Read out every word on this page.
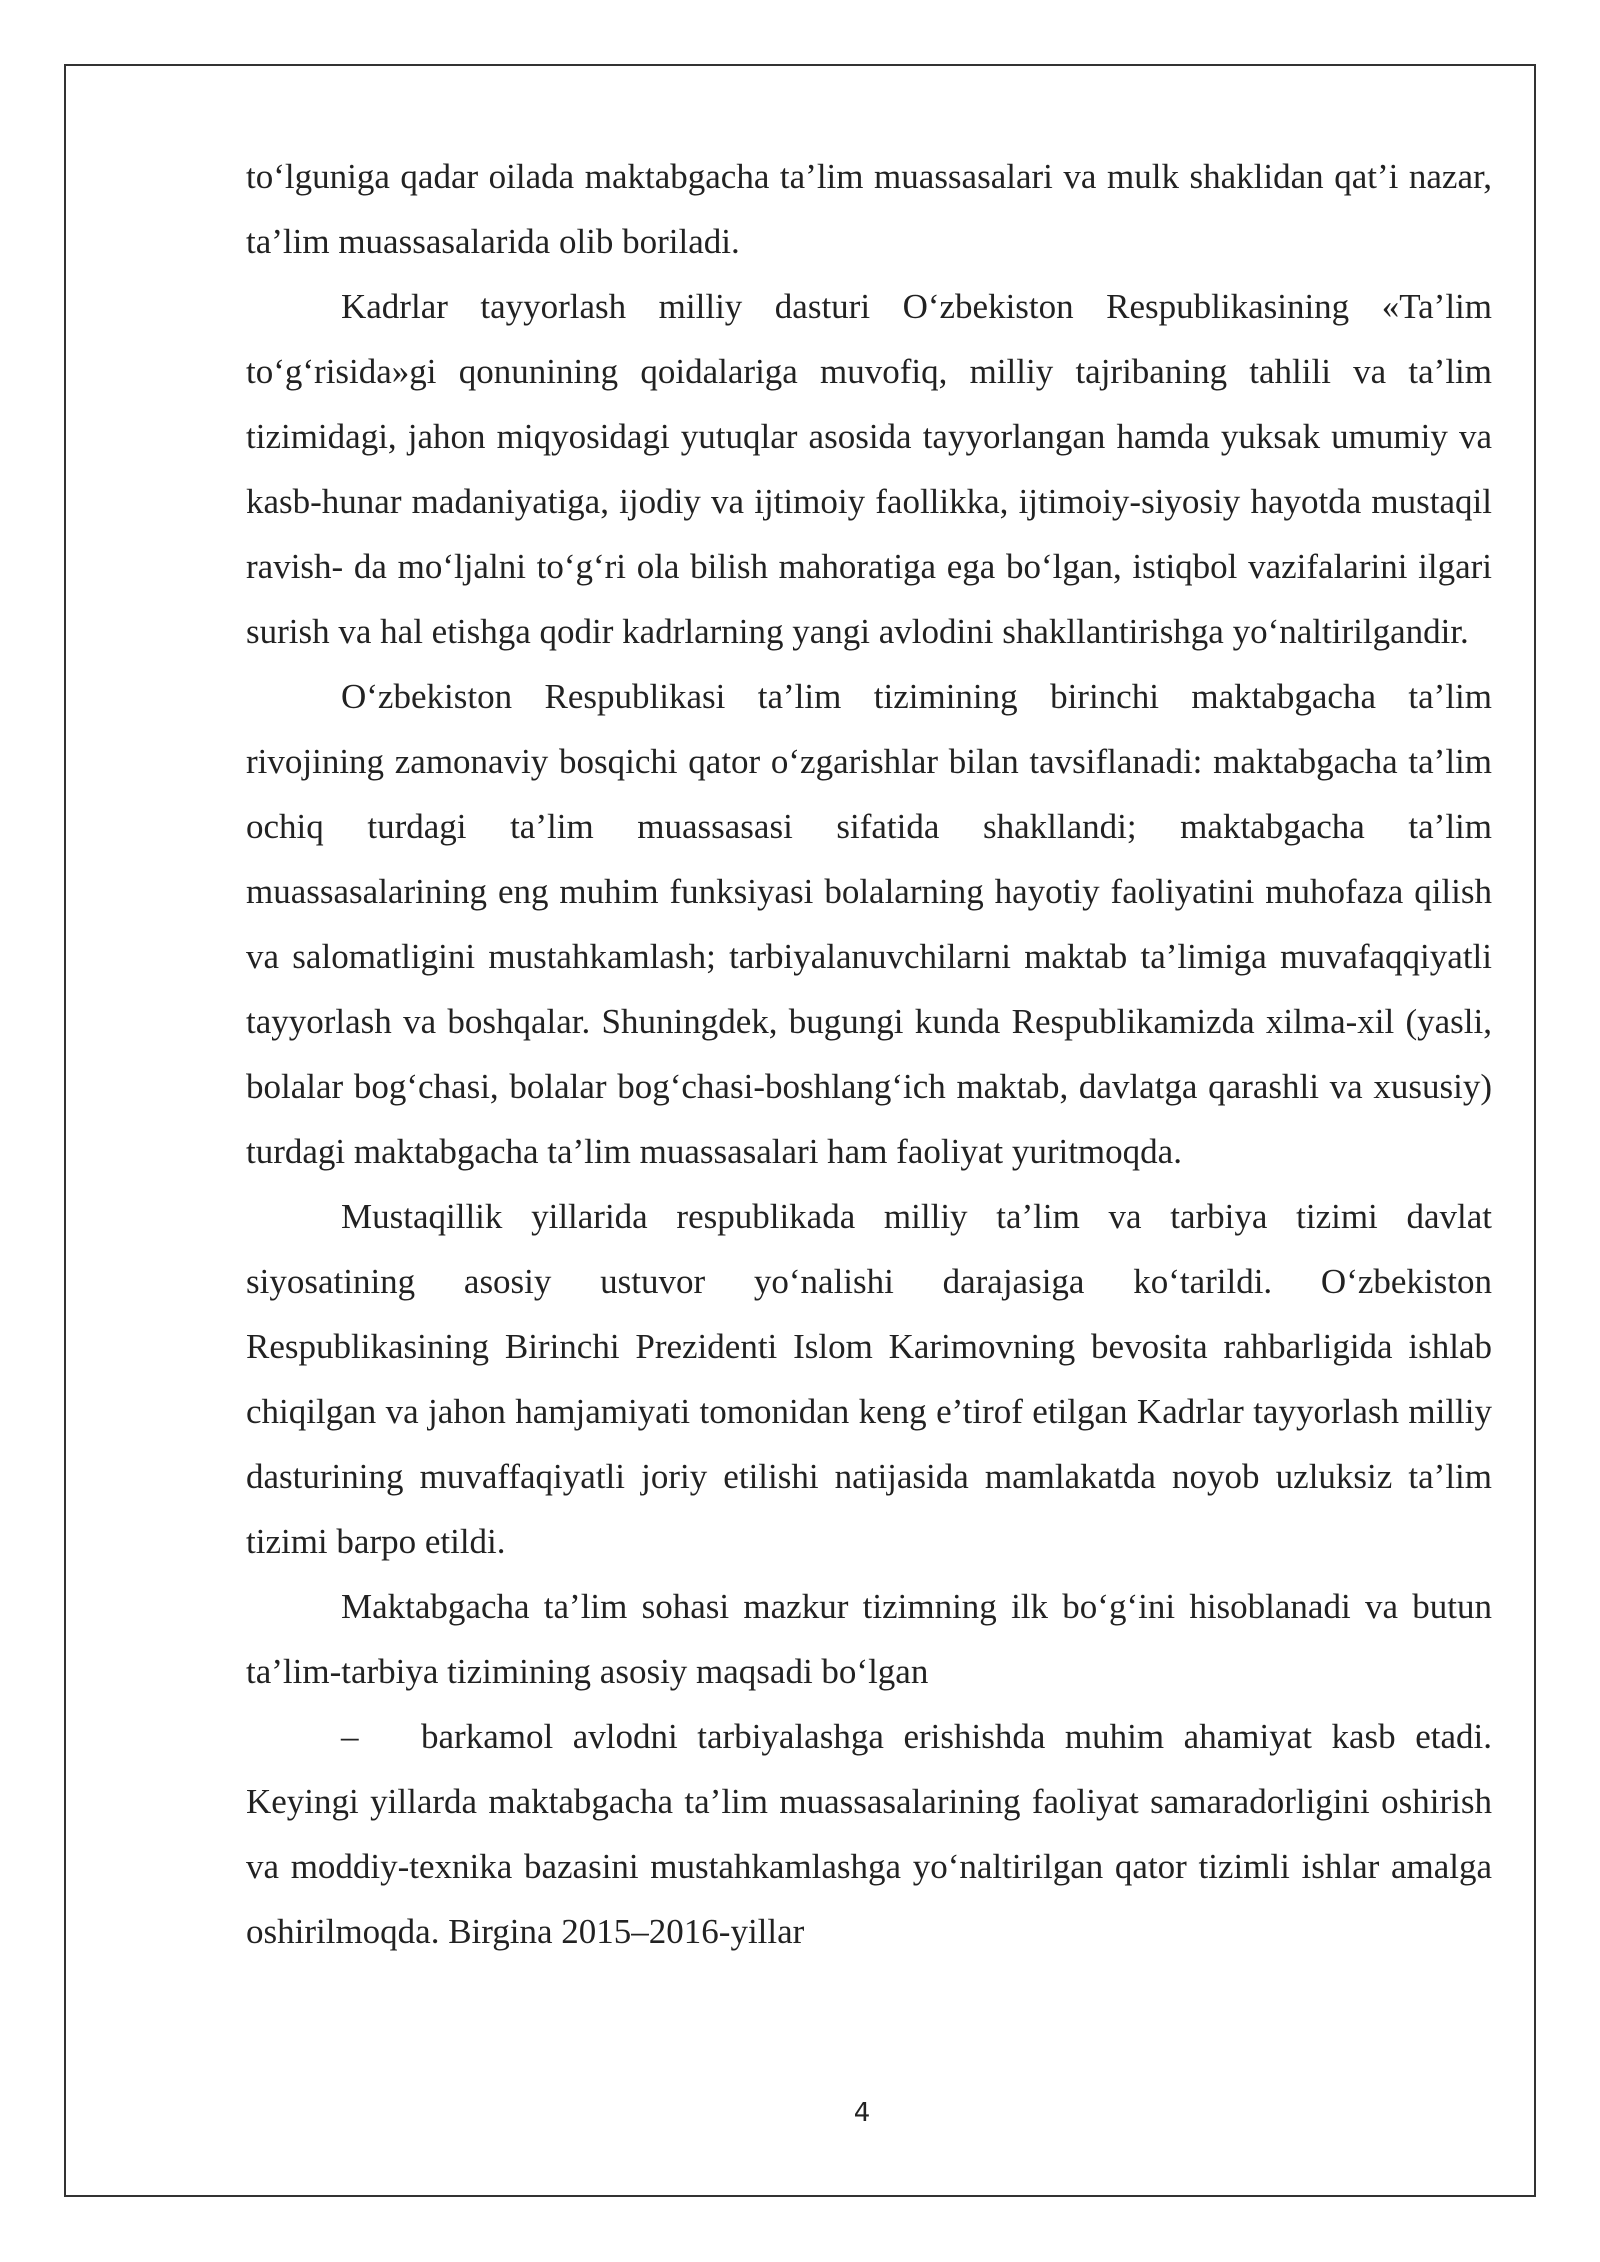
to‘lguniga qadar oilada maktabgacha ta’lim muassasalari va mulk shaklidan qat’i nazar, ta’lim muassasalarida olib boriladi.

Kadrlar tayyorlash milliy dasturi O‘zbekiston Respublikasining «Ta’lim to‘g‘risida»gi qonunining qoidalariga muvofiq, milliy tajribaning tahlili va ta’lim tizimidagi, jahon miqyosidagi yutuqlar asosida tayyorlangan hamda yuksak umumiy va kasb-hunar madaniyatiga, ijodiy va ijtimoiy faollikka, ijtimoiy-siyosiy hayotda mustaqil ravish- da mo‘ljalni to‘g‘ri ola bilish mahoratiga ega bo‘lgan, istiqbol vazifalarini ilgari surish va hal etishga qodir kadrlarning yangi avlodini shakllantirishga yo‘naltirilgandir.

O‘zbekiston Respublikasi ta’lim tizimining birinchi maktabgacha ta’lim rivojining zamonaviy bosqichi qator o‘zgarishlar bilan tavsiflanadi: maktabgacha ta’lim ochiq turdagi ta’lim muassasasi sifatida shakllandi; maktabgacha ta’lim muassasalarining eng muhim funksiyasi bolalarning hayotiy faoliyatini muhofaza qilish va salomatligini mustahkamlash; tarbiyalanuvchilarni maktab ta’limiga muvafaqqiyatli tayyorlash va boshqalar. Shuningdek, bugungi kunda Respublikamizda xilma-xil (yasli, bolalar bog‘chasi, bolalar bog‘chasi-boshlang‘ich maktab, davlatga qarashli va xususiy) turdagi maktabgacha ta’lim muassasalari ham faoliyat yuritmoqda.

Mustaqillik yillarida respublikada milliy ta’lim va tarbiya tizimi davlat siyosatining asosiy ustuvor yo‘nalishi darajasiga ko‘tarildi. O‘zbekiston Respublikasining Birinchi Prezidenti Islom Karimovning bevosita rahbarligida ishlab chiqilgan va jahon hamjamiyati tomonidan keng e’tirof etilgan Kadrlar tayyorlash milliy dasturining muvaffaqiyatli joriy etilishi natijasida mamlakatda noyob uzluksiz ta’lim tizimi barpo etildi.

Maktabgacha ta’lim sohasi mazkur tizimning ilk bo‘g‘ini hisoblanadi va butun ta’lim-tarbiya tizimining asosiy maqsadi bo‘lgan

– barkamol avlodni tarbiyalashga erishishda muhim ahamiyat kasb etadi. Keyingi yillarda maktabgacha ta’lim muassasalarining faoliyat samaradorligini oshirish va moddiy-texnika bazasini mustahkamlashga yo‘naltirilgan qator tizimli ishlar amalga oshirilmoqda. Birgina 2015–2016-yillar

4
